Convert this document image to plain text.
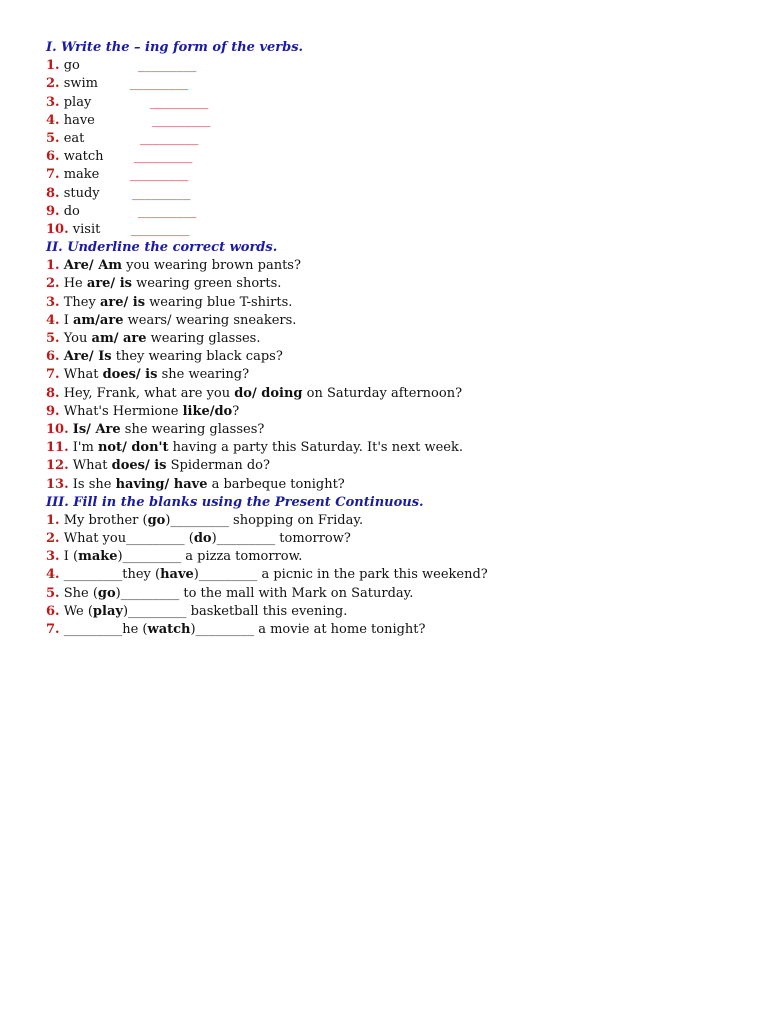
I. Write the – ing form of the verbs.
1. go	_________
2. swim _________
3. play	_________
4. have	_________
5. eat	_________
6. watch _________
7. make _________
8. study _________
9. do	_________
10. visit _________
II. Underline the correct words.
1. Are/ Am you wearing brown pants?
2. He are/ is wearing green shorts.
3. They are/ is wearing blue T-shirts.
4. I am/are wears/ wearing sneakers.
5. You am/ are wearing glasses.
6. Are/ Is they wearing black caps?
7. What does/ is she wearing?
8. Hey, Frank, what are you do/ doing on Saturday afternoon?
9. What's Hermione like/do?
10. Is/ Are she wearing glasses?
11. I'm not/ don't having a party this Saturday. It's next week.
12. What does/ is Spiderman do?
13. Is she having/ have a barbeque tonight?
III. Fill in the blanks using the Present Continuous.
1. My brother (go)_________ shopping on Friday.
2. What you_________ (do)_________ tomorrow?
3. I (make)_________ a pizza tomorrow.
4. _________they (have)_________ a picnic in the park this weekend?
5. She (go)_________ to the mall with Mark on Saturday.
6. We (play)_________ basketball this evening.
7. _________he (watch)_________ a movie at home tonight?
